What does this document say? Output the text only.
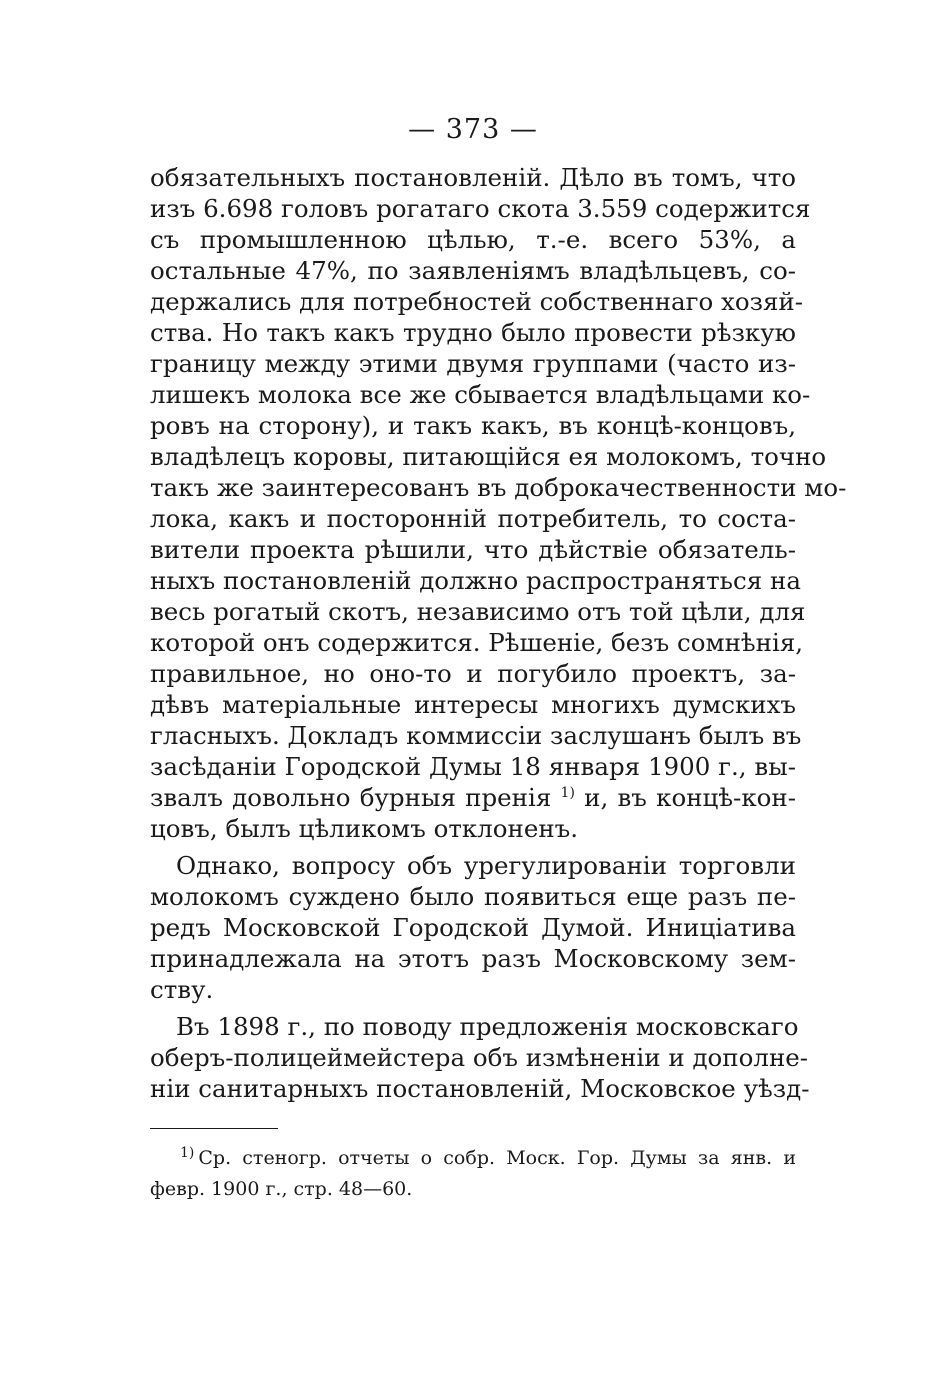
— 373 —
обязательныхъ постановленій. Дѣло въ томъ, что
изъ 6.698 головъ рогатаго скота 3.559 содержится
съ промышленною цѣлью, т.-е. всего 53%, а
остальные 47%, по заявленіямъ владѣльцевъ, со-
держались для потребностей собственнаго хозяй-
ства. Но такъ какъ трудно было провести рѣзкую
границу между этими двумя группами (часто из-
лишекъ молока все же сбывается владѣльцами ко-
ровъ на сторону), и такъ какъ, въ концѣ-концовъ,
владѣлецъ коровы, питающійся ея молокомъ, точно
такъ же заинтересованъ въ доброкачественности мо-
лока, какъ и посторонній потребитель, то соста-
вители проекта рѣшили, что дѣйствіе обязатель-
ныхъ постановленій должно распространяться на
весь рогатый скотъ, независимо отъ той цѣли, для
которой онъ содержится. Рѣшеніе, безъ сомнѣнія,
правильное, но оно-то и погубило проектъ, за-
дѣвъ матеріальные интересы многихъ думскихъ
гласныхъ. Докладъ коммиссіи заслушанъ былъ въ
засѣданіи Городской Думы 18 января 1900 г., вы-
звалъ довольно бурныя пренія $^{1)}$ и, въ концѣ-кон-
цовъ, былъ цѣликомъ отклоненъ.
Однако, вопросу объ урегулированіи торговли
молокомъ суждено было появиться еще разъ пе-
редъ Московской Городской Думой. Иниціатива
принадлежала на этотъ разъ Московскому зем-
ству.
Въ 1898 г., по поводу предложенія московскаго
оберъ-полицеймейстера объ измѣненіи и дополне-
ніи санитарныхъ постановленій, Московское уѣзд-
$^{1)}$ Ср. стеногр. отчеты о собр. Моск. Гор. Думы за янв. и
февр. 1900 г., стр. 48—60.
